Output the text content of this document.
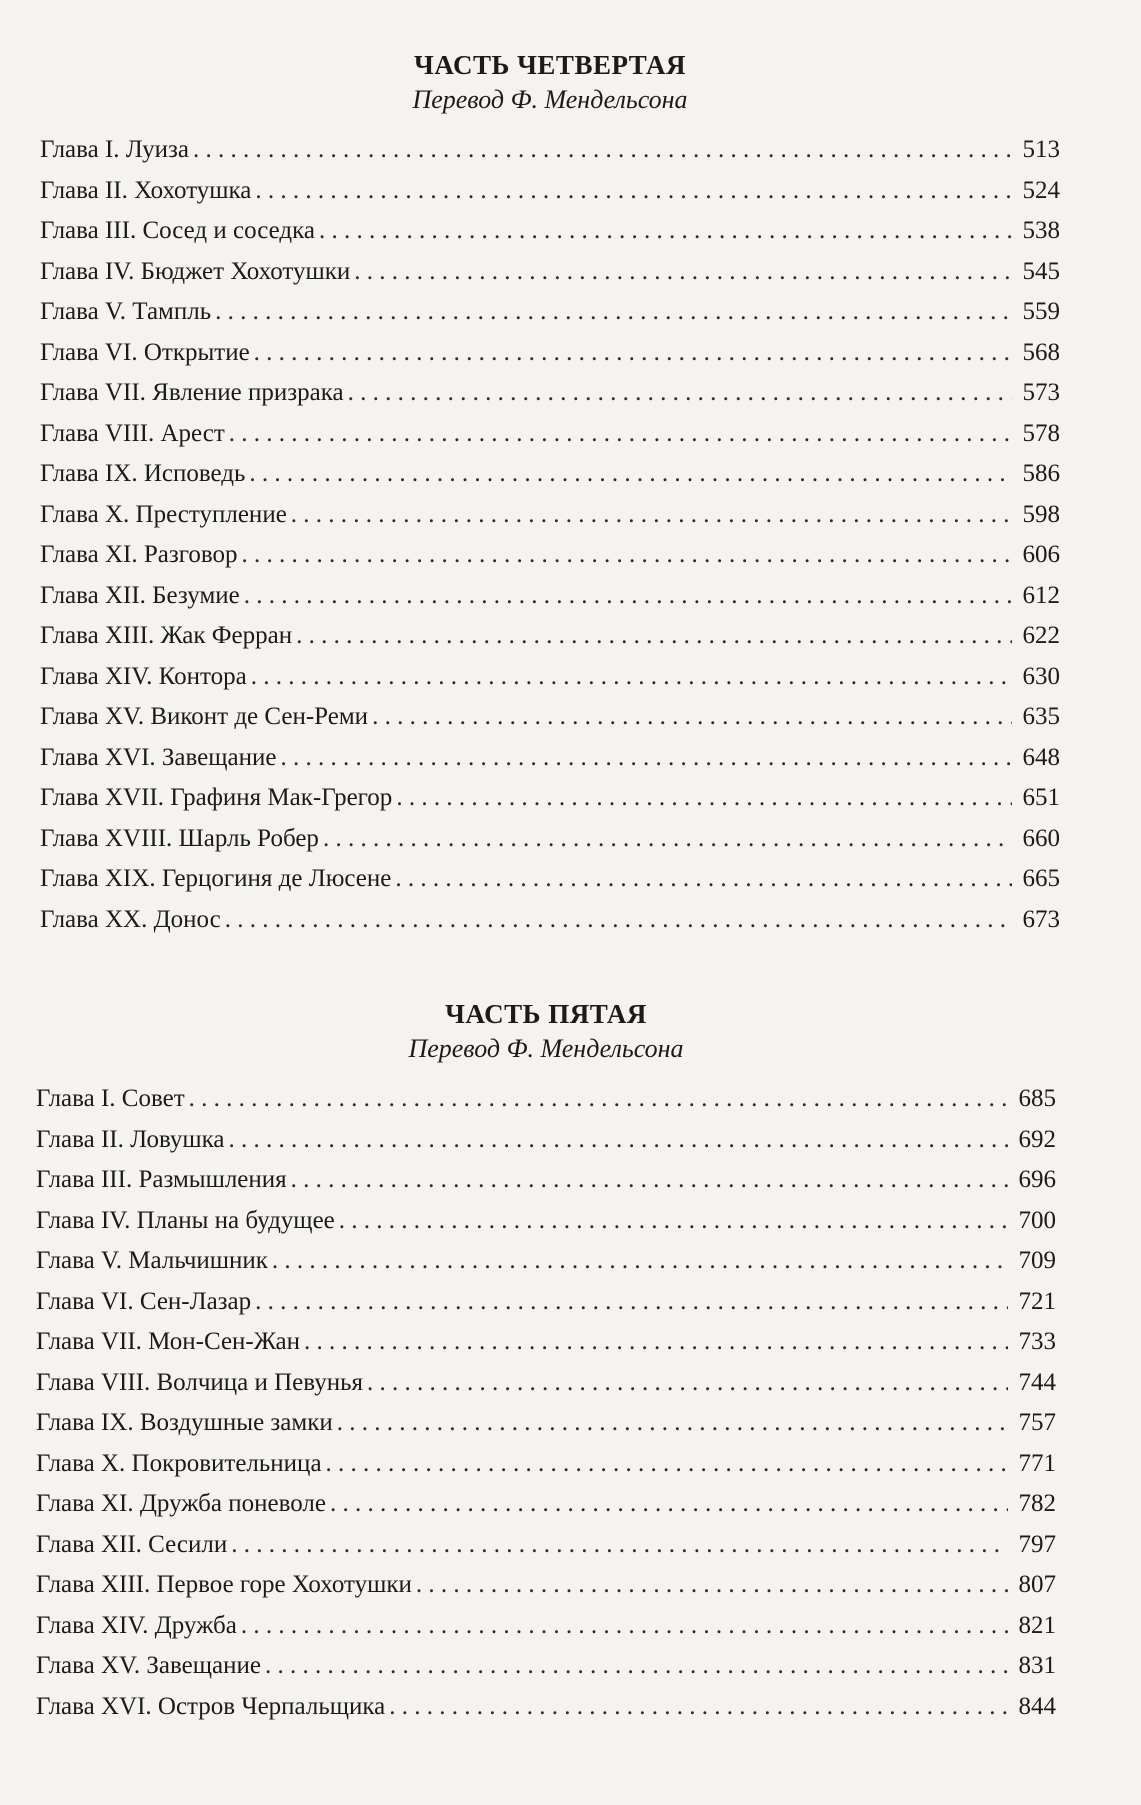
ЧАСТЬ ЧЕТВЕРТАЯ
Перевод Ф. Мендельсона
Глава I. Луиза . . .	513
Глава II. Хохотушка . . .	524
Глава III. Сосед и соседка . . .	538
Глава IV. Бюджет Хохотушки . . .	545
Глава V. Тампль . . .	559
Глава VI. Открытие . . .	568
Глава VII. Явление призрака . . .	573
Глава VIII. Арест . . .	578
Глава IX. Исповедь . . .	586
Глава X. Преступление . . .	598
Глава XI. Разговор . . .	606
Глава XII. Безумие . . .	612
Глава XIII. Жак Ферран . . .	622
Глава XIV. Контора . . .	630
Глава XV. Виконт де Сен-Реми . . .	635
Глава XVI. Завещание . . .	648
Глава XVII. Графиня Мак-Грегор . . .	651
Глава XVIII. Шарль Робер . . .	660
Глава XIX. Герцогиня де Люсене . . .	665
Глава XX. Донос . . .	673
ЧАСТЬ ПЯТАЯ
Перевод Ф. Мендельсона
Глава I. Совет . . .	685
Глава II. Ловушка . . .	692
Глава III. Размышления . . .	696
Глава IV. Планы на будущее . . .	700
Глава V. Мальчишник . . .	709
Глава VI. Сен-Лазар . . .	721
Глава VII. Мон-Сен-Жан . . .	733
Глава VIII. Волчица и Певунья . . .	744
Глава IX. Воздушные замки . . .	757
Глава X. Покровительница . . .	771
Глава XI. Дружба поневоле . . .	782
Глава XII. Сесили . . .	797
Глава XIII. Первое горе Хохотушки . . .	807
Глава XIV. Дружба . . .	821
Глава XV. Завещание . . .	831
Глава XVI. Остров Черпальщика . . .	844
